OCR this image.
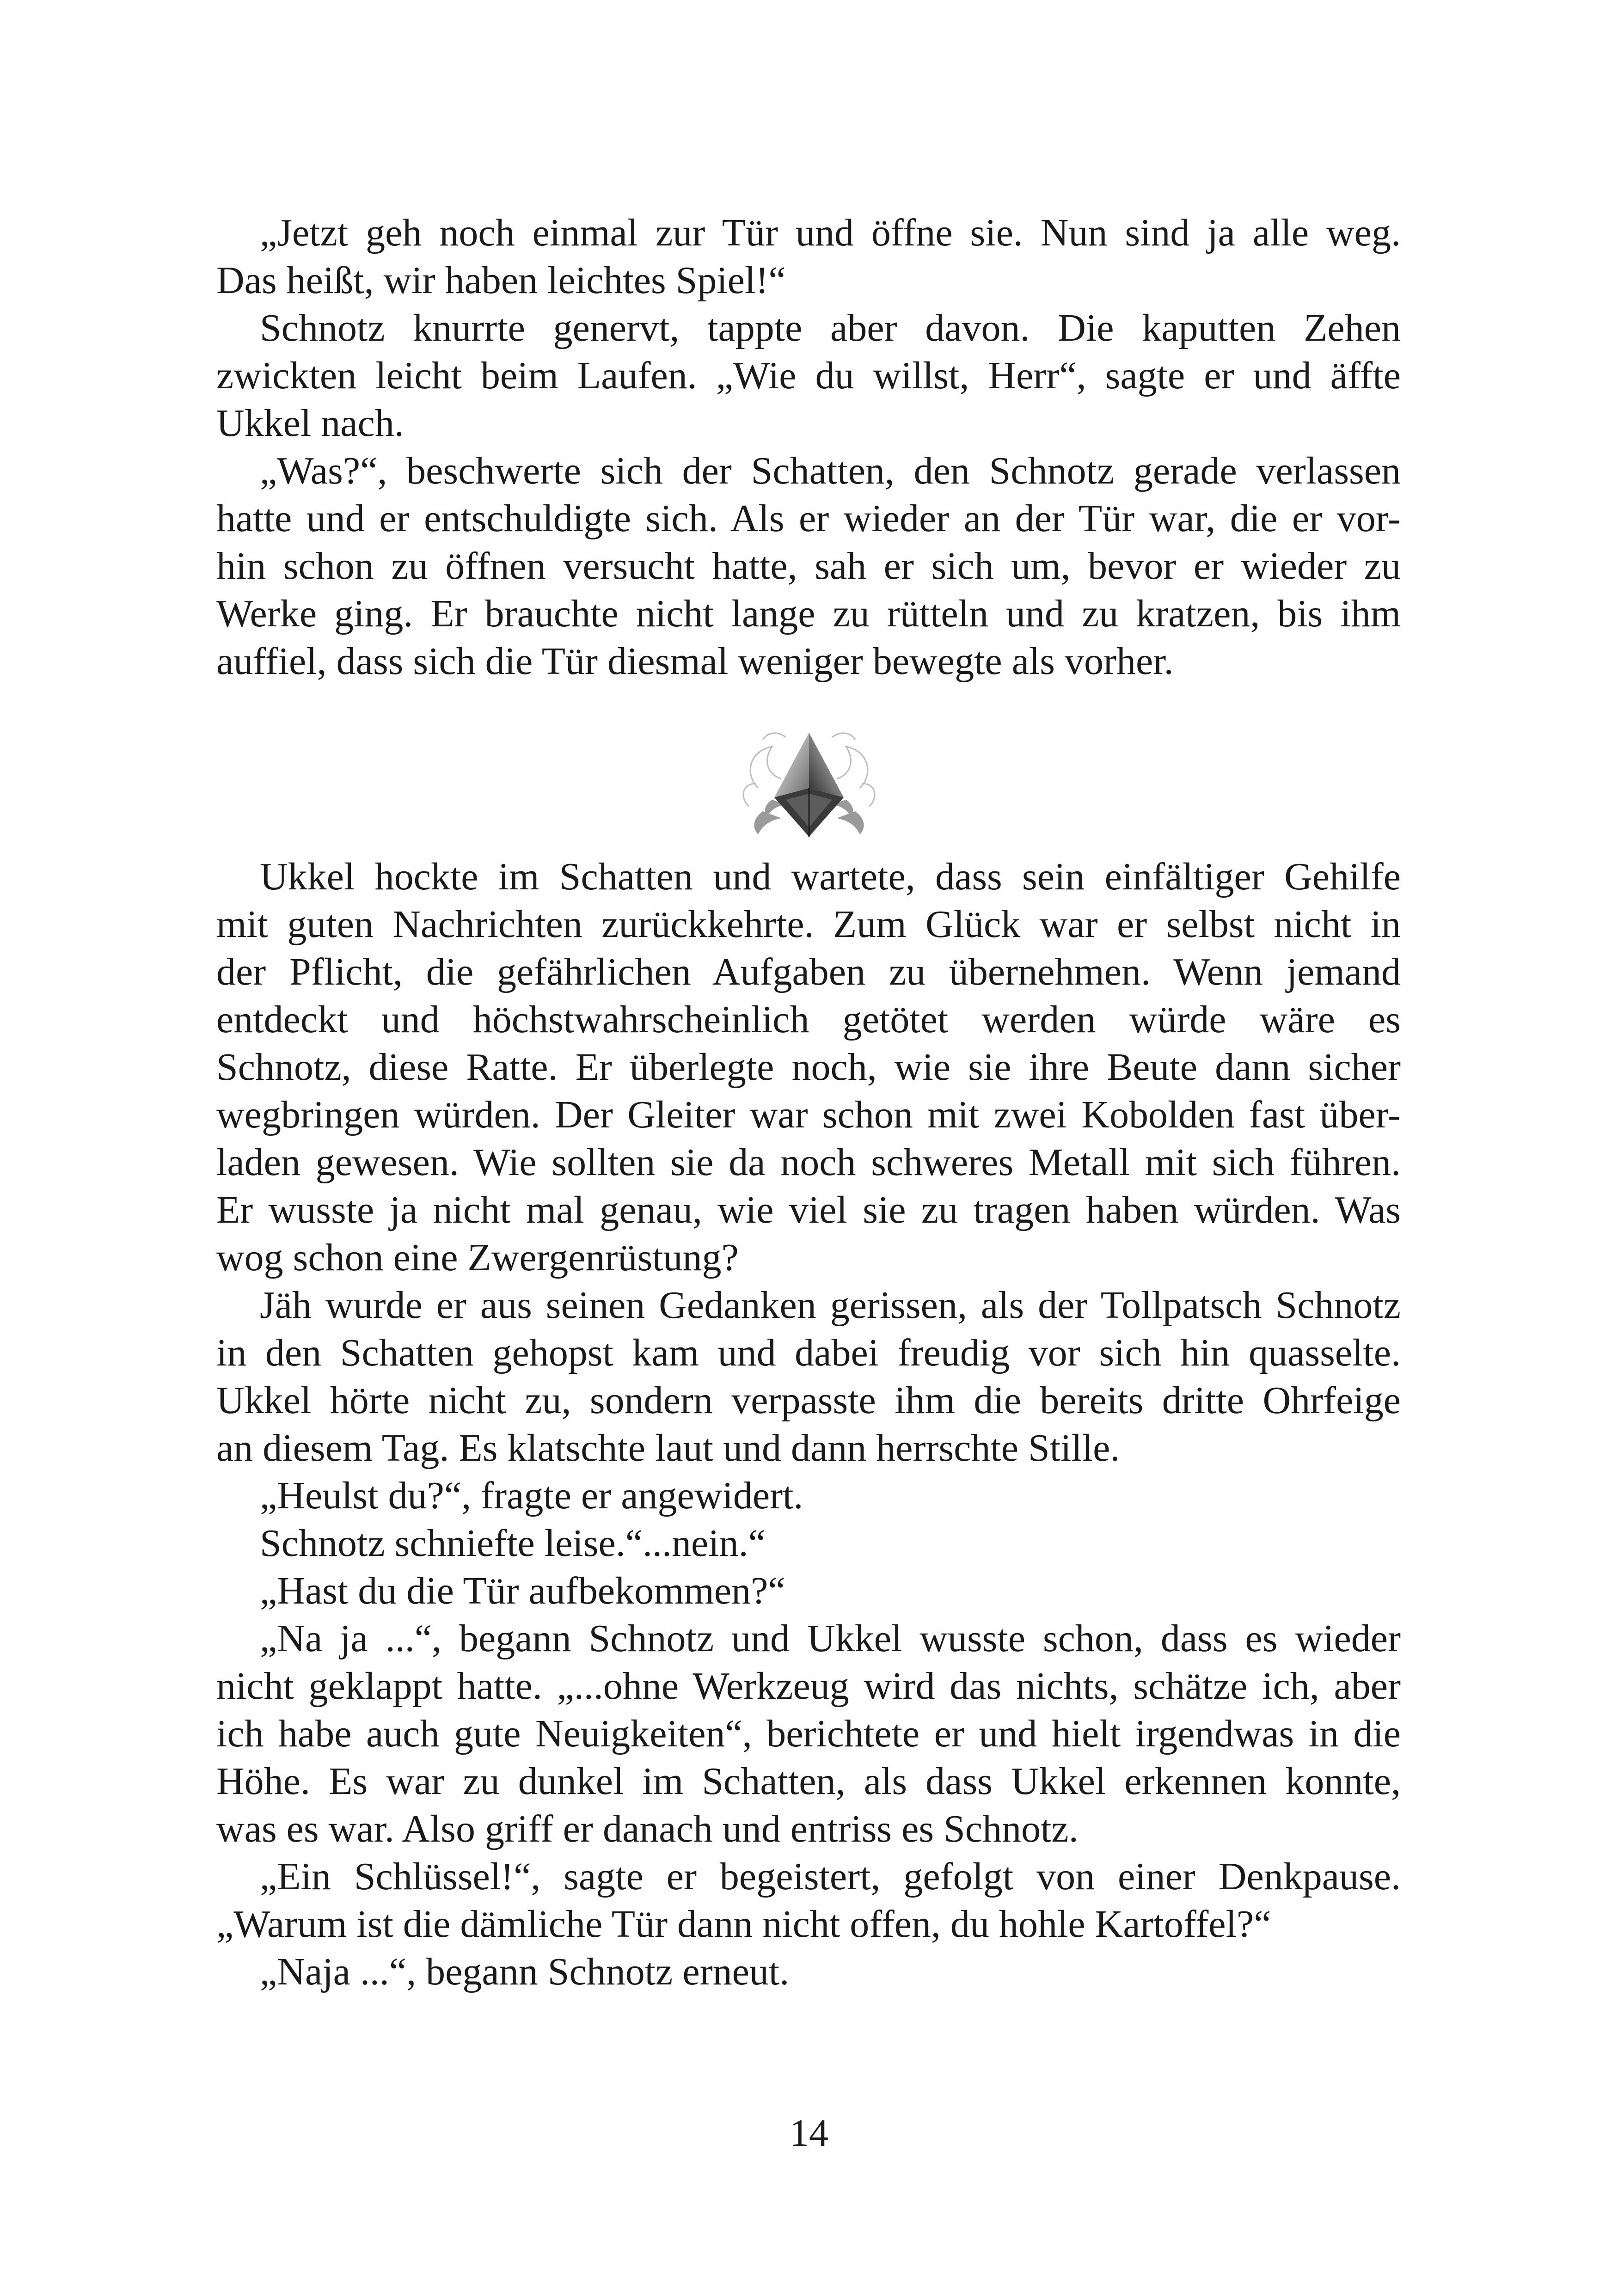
„Jetzt geh noch einmal zur Tür und öffne sie. Nun sind ja alle weg.
Das heißt, wir haben leichtes Spiel!“
Schnotz knurrte genervt, tappte aber davon. Die kaputten Zehen
zwickten leicht beim Laufen. „Wie du willst, Herr“, sagte er und äffte
Ukkel nach.
„Was?“, beschwerte sich der Schatten, den Schnotz gerade verlassen
hatte und er entschuldigte sich. Als er wieder an der Tür war, die er vor-
hin schon zu öffnen versucht hatte, sah er sich um, bevor er wieder zu
Werke ging. Er brauchte nicht lange zu rütteln und zu kratzen, bis ihm
auffiel, dass sich die Tür diesmal weniger bewegte als vorher.
Ukkel hockte im Schatten und wartete, dass sein einfältiger Gehilfe
mit guten Nachrichten zurückkehrte. Zum Glück war er selbst nicht in
der Pflicht, die gefährlichen Aufgaben zu übernehmen. Wenn jemand
entdeckt und höchstwahrscheinlich getötet werden würde wäre es
Schnotz, diese Ratte. Er überlegte noch, wie sie ihre Beute dann sicher
wegbringen würden. Der Gleiter war schon mit zwei Kobolden fast über-
laden gewesen. Wie sollten sie da noch schweres Metall mit sich führen.
Er wusste ja nicht mal genau, wie viel sie zu tragen haben würden. Was
wog schon eine Zwergenrüstung?
Jäh wurde er aus seinen Gedanken gerissen, als der Tollpatsch Schnotz
in den Schatten gehopst kam und dabei freudig vor sich hin quasselte.
Ukkel hörte nicht zu, sondern verpasste ihm die bereits dritte Ohrfeige
an diesem Tag. Es klatschte laut und dann herrschte Stille.
„Heulst du?“, fragte er angewidert.
Schnotz schniefte leise.“...nein.“
„Hast du die Tür aufbekommen?“
„Na ja ...“, begann Schnotz und Ukkel wusste schon, dass es wieder
nicht geklappt hatte. „...ohne Werkzeug wird das nichts, schätze ich, aber
ich habe auch gute Neuigkeiten“, berichtete er und hielt irgendwas in die
Höhe. Es war zu dunkel im Schatten, als dass Ukkel erkennen konnte,
was es war. Also griff er danach und entriss es Schnotz.
„Ein Schlüssel!“, sagte er begeistert, gefolgt von einer Denkpause.
„Warum ist die dämliche Tür dann nicht offen, du hohle Kartoffel?“
„Naja ...“, begann Schnotz erneut.
14
